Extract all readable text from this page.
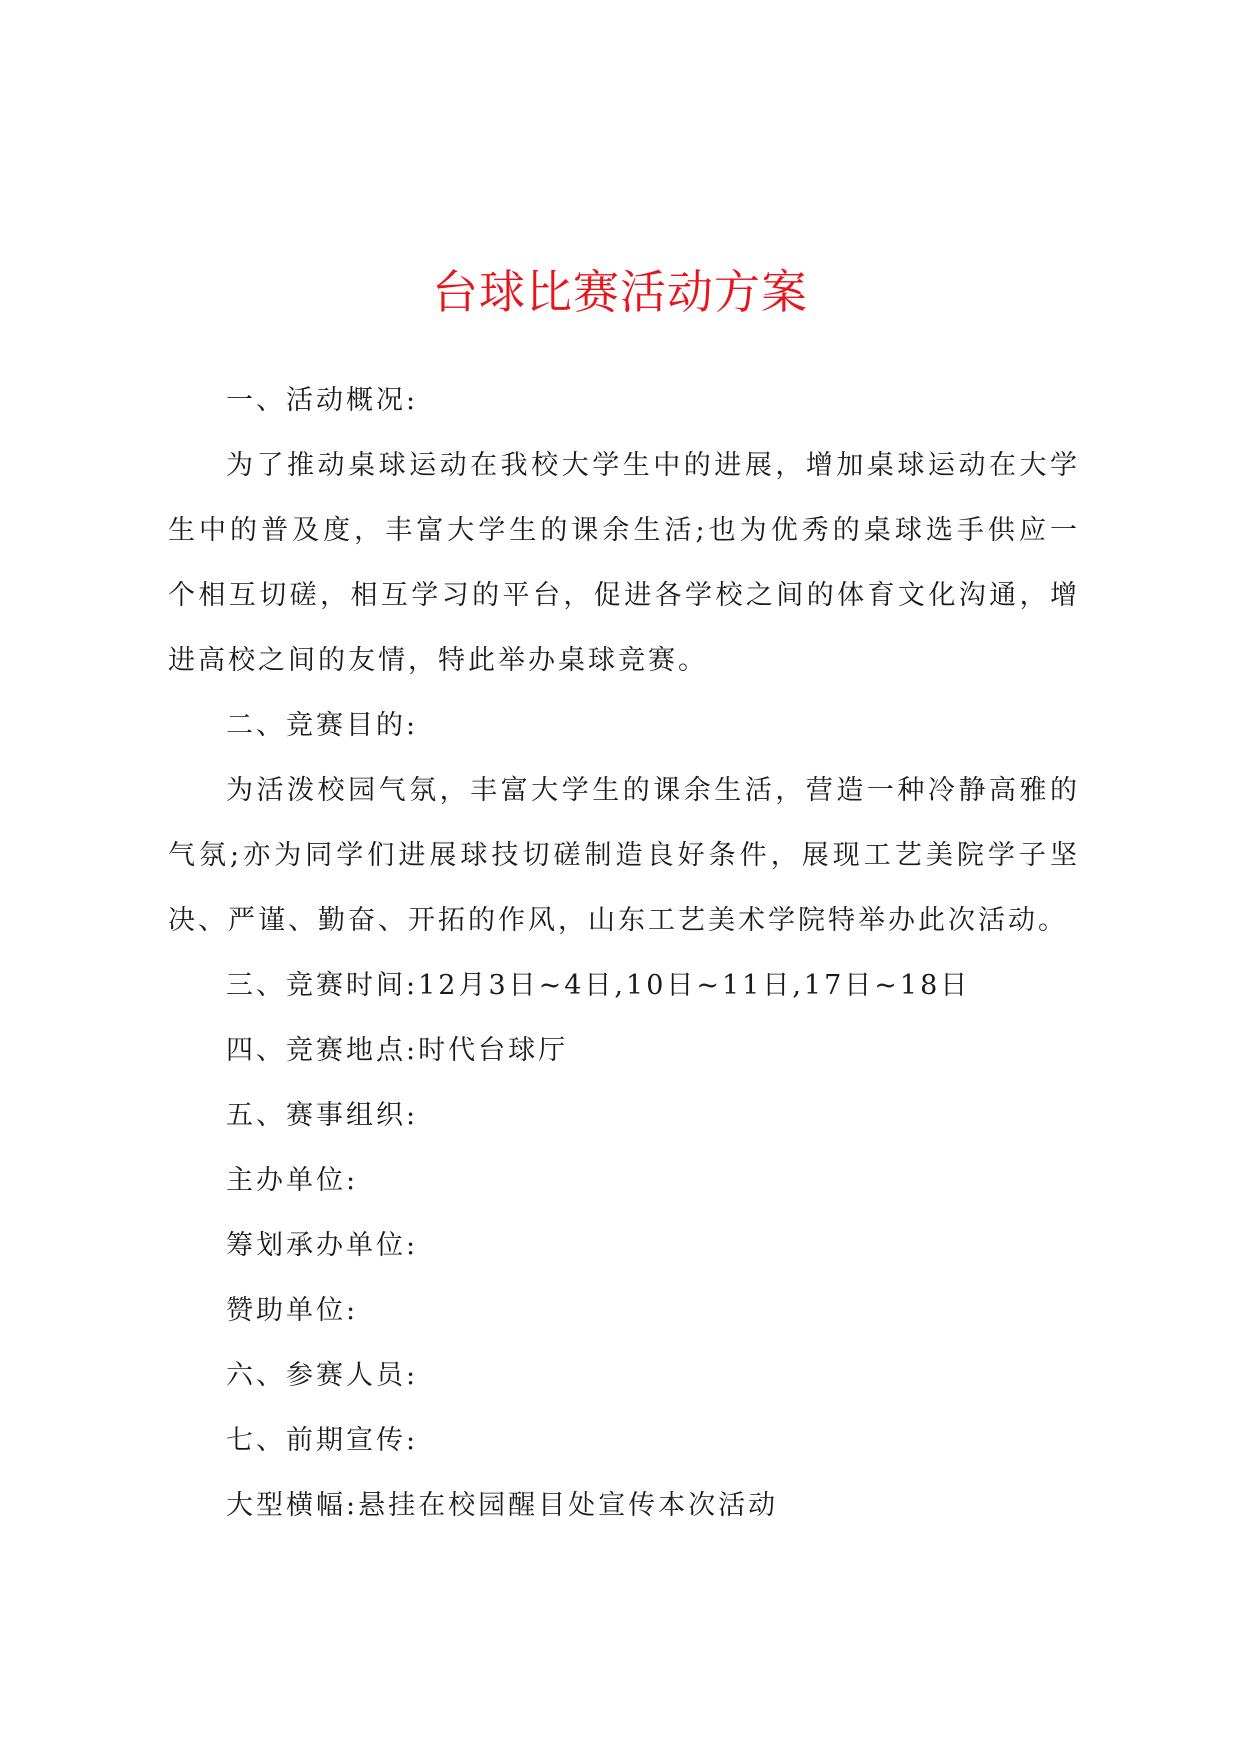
台球比赛活动方案

一、活动概况:

为了推动桌球运动在我校大学生中的进展，增加桌球运动在大学生中的普及度，丰富大学生的课余生活;也为优秀的桌球选手供应一个相互切磋，相互学习的平台，促进各学校之间的体育文化沟通，增进高校之间的友情，特此举办桌球竞赛。

二、竞赛目的:

为活泼校园气氛，丰富大学生的课余生活，营造一种冷静高雅的气氛;亦为同学们进展球技切磋制造良好条件，展现工艺美院学子坚决、严谨、勤奋、开拓的作风，山东工艺美术学院特举办此次活动。

三、竞赛时间:12月3日~4日,10日~11日,17日~18日

四、竞赛地点:时代台球厅

五、赛事组织:

主办单位:

筹划承办单位:

赞助单位:

六、参赛人员:

七、前期宣传:

大型横幅:悬挂在校园醒目处宣传本次活动
